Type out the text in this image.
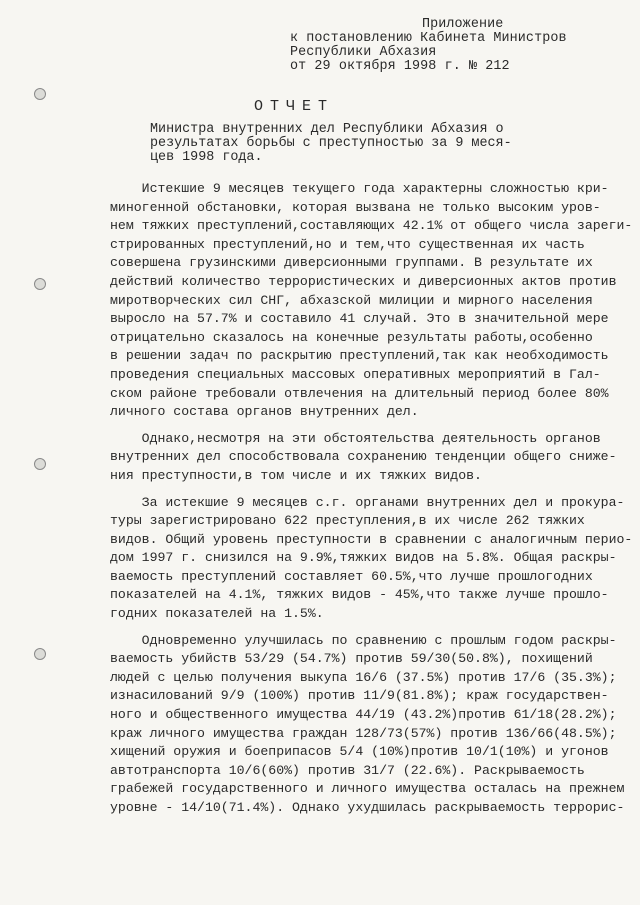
Приложение
к постановлению Кабинета Министров
Республики Абхазия
от 29 октября 1998 г. № 212
ОТЧЕТ
Министра внутренних дел Республики Абхазия о
результатах борьбы с преступностью за 9 меся-
цев 1998 года.
Истекшие 9 месяцев текущего года характерны сложностью кри-
миногенной обстановки, которая вызвана не только высоким уров-
нем тяжких преступлений,составляющих 42.1% от общего числа зареги-
стрированных преступлений,но и тем,что существенная их часть
совершена грузинскими диверсионными группами. В результате их
действий количество террористических и диверсионных актов против
миротворческих сил СНГ, абхазской милиции и мирного населения
выросло на 57.7% и составило 41 случай. Это в значительной мере
отрицательно сказалось на конечные результаты работы,особенно
в решении задач по раскрытию преступлений,так как необходимость
проведения специальных массовых оперативных мероприятий в Гал-
ском районе требовали отвлечения на длительный период более 80%
личного состава органов внутренних дел.
Однако,несмотря на эти обстоятельства деятельность органов
внутренних дел способствовала сохранению тенденции общего сниже-
ния преступности,в том числе и их тяжких видов.
За истекшие 9 месяцев с.г. органами внутренних дел и прокура-
туры зарегистрировано 622 преступления,в их числе 262 тяжких
видов. Общий уровень преступности в сравнении с аналогичным перио-
дом 1997 г. снизился на 9.9%,тяжких видов на 5.8%. Общая раскры-
ваемость преступлений составляет 60.5%,что лучше прошлогодних
показателей на 4.1%, тяжких видов - 45%,что также лучше прошло-
годних показателей на 1.5%.
Одновременно улучшилась по сравнению с прошлым годом раскры-
ваемость убийств 53/29 (54.7%) против 59/30(50.8%), похищений
людей с целью получения выкупа 16/6 (37.5%) против 17/6 (35.3%);
изнасилований 9/9 (100%) против 11/9(81.8%); краж государствен-
ного и общественного имущества 44/19 (43.2%)против 61/18(28.2%);
краж личного имущества граждан 128/73(57%) против 136/66(48.5%);
хищений оружия и боеприпасов 5/4 (10%)против 10/1(10%) и угонов
автотранспорта 10/6(60%) против 31/7 (22.6%). Раскрываемость
грабежей государственного и личного имущества осталась на прежнем
уровне - 14/10(71.4%). Однако ухудшилась раскрываемость террорис-
